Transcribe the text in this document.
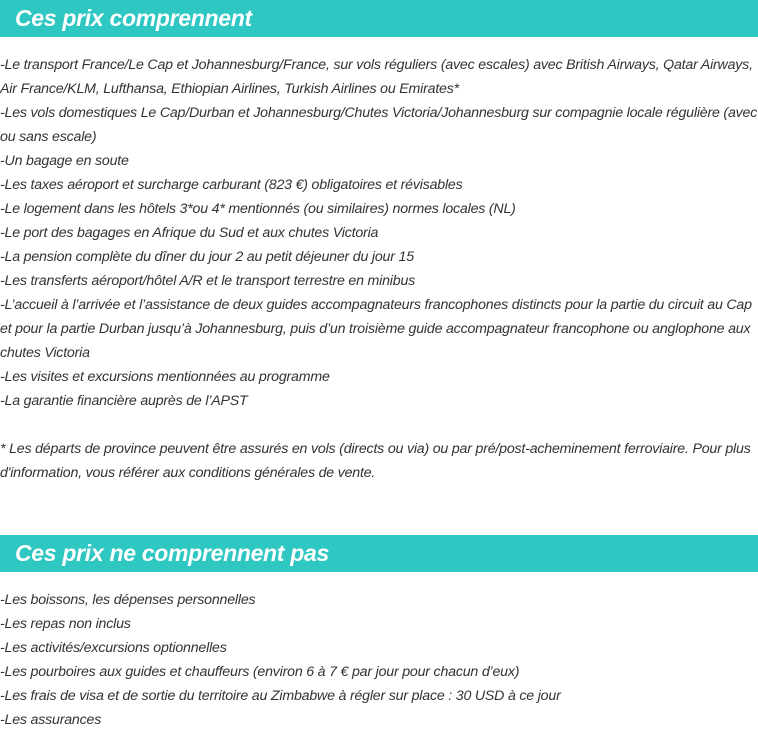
Ces prix comprennent

-Le transport France/Le Cap et Johannesburg/France, sur vols réguliers (avec escales) avec British Airways, Qatar Airways, Air France/KLM, Lufthansa, Ethiopian Airlines, Turkish Airlines ou Emirates*

-Les vols domestiques Le Cap/Durban et Johannesburg/Chutes Victoria/Johannesburg sur compagnie locale régulière (avec ou sans escale)

-Un bagage en soute

-Les taxes aéroport et surcharge carburant (823 €) obligatoires et révisables

-Le logement dans les hôtels 3*ou 4* mentionnés (ou similaires) normes locales (NL)

-Le port des bagages en Afrique du Sud et aux chutes Victoria

-La pension complète du dîner du jour 2 au petit déjeuner du jour 15

-Les transferts aéroport/hôtel A/R et le transport terrestre en minibus

-L’accueil à l’arrivée et l’assistance de deux guides accompagnateurs francophones distincts pour la partie du circuit au Cap et pour la partie Durban jusqu’à Johannesburg, puis d’un troisième guide accompagnateur francophone ou anglophone aux chutes Victoria

-Les visites et excursions mentionnées au programme

-La garantie financière auprès de l’APST

* Les départs de province peuvent être assurés en vols (directs ou via) ou par pré/post-acheminement ferroviaire. Pour plus d'information, vous référer aux conditions générales de vente.

Ces prix ne comprennent pas

-Les boissons, les dépenses personnelles

-Les repas non inclus

-Les activités/excursions optionnelles

-Les pourboires aux guides et chauffeurs (environ 6 à 7 € par jour pour chacun d’eux)

-Les frais de visa et de sortie du territoire au Zimbabwe à régler sur place : 30 USD à ce jour

-Les assurances
